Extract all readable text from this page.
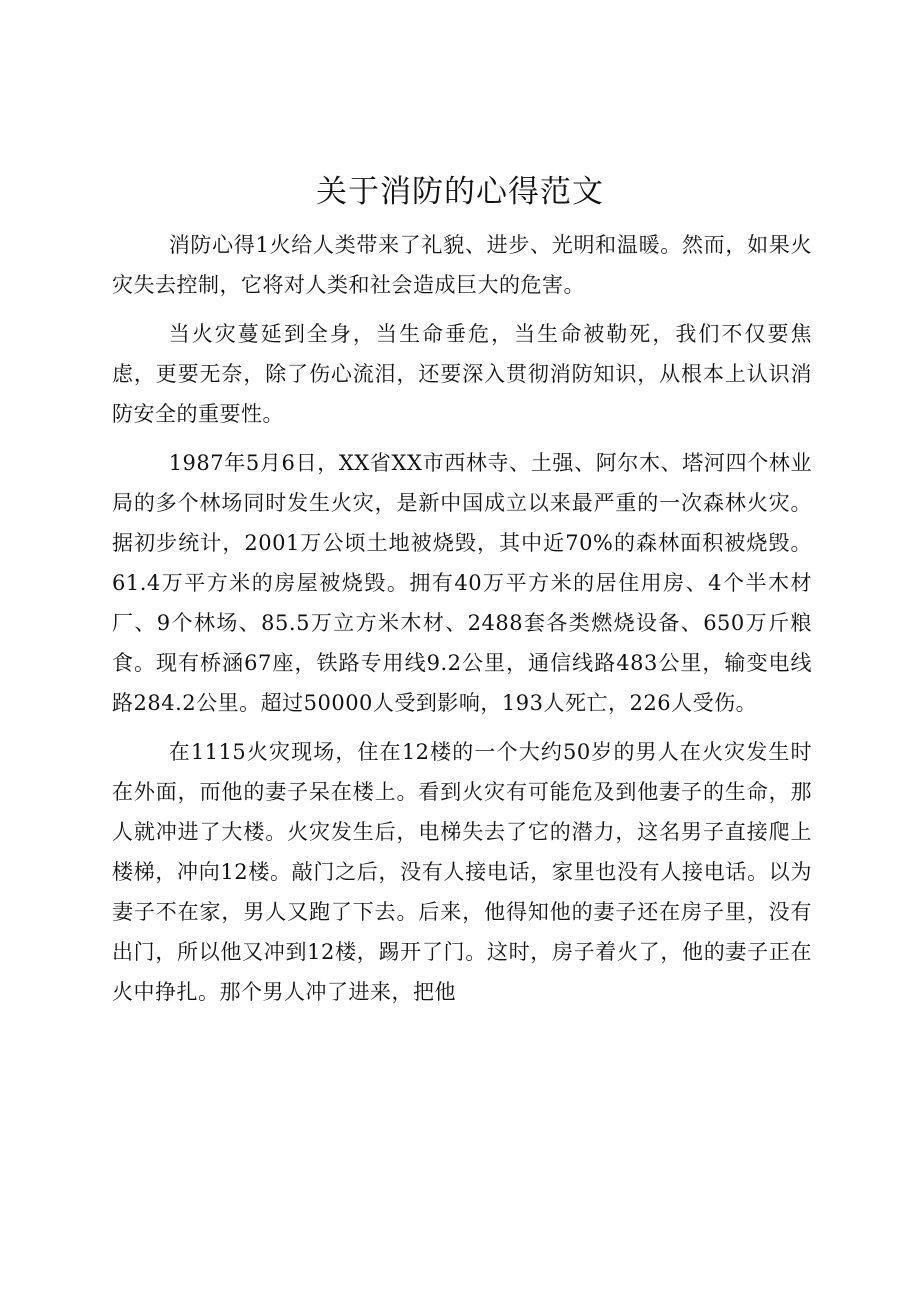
关于消防的心得范文

消防心得1火给人类带来了礼貌、进步、光明和温暖。然而，如果火灾失去控制，它将对人类和社会造成巨大的危害。

当火灾蔓延到全身，当生命垂危，当生命被勒死，我们不仅要焦虑，更要无奈，除了伤心流泪，还要深入贯彻消防知识，从根本上认识消防安全的重要性。

1987年5月6日，XX省XX市西林寺、土强、阿尔木、塔河四个林业局的多个林场同时发生火灾，是新中国成立以来最严重的一次森林火灾。据初步统计，2001万公顷土地被烧毁，其中近70%的森林面积被烧毁。61.4万平方米的房屋被烧毁。拥有40万平方米的居住用房、4个半木材厂、9个林场、85.5万立方米木材、2488套各类燃烧设备、650万斤粮食。现有桥涵67座，铁路专用线9.2公里，通信线路483公里，输变电线路284.2公里。超过50000人受到影响，193人死亡，226人受伤。

在1115火灾现场，住在12楼的一个大约50岁的男人在火灾发生时在外面，而他的妻子呆在楼上。看到火灾有可能危及到他妻子的生命，那人就冲进了大楼。火灾发生后，电梯失去了它的潜力，这名男子直接爬上楼梯，冲向12楼。敲门之后，没有人接电话，家里也没有人接电话。以为妻子不在家，男人又跑了下去。后来，他得知他的妻子还在房子里，没有出门，所以他又冲到12楼，踢开了门。这时，房子着火了，他的妻子正在火中挣扎。那个男人冲了进来，把他
